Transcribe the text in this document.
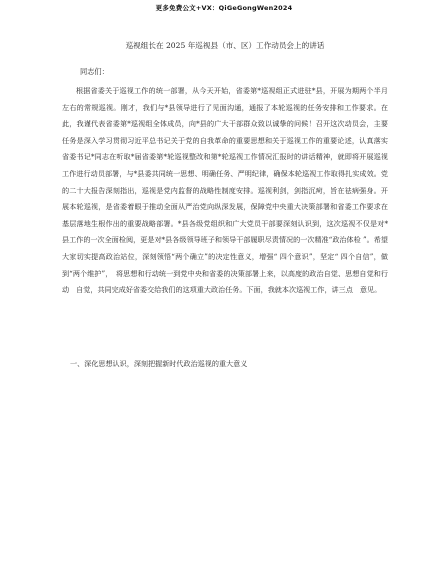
更多免费公文+VX：QiGeGongWen2024
巡视组长在 2025 年巡视县（市、区）工作动员会上的讲话
同志们：

根据省委关于巡视工作的统一部署，从今天开始，省委第*巡视组正式进驻*县，开展为期两个半月左右的常规巡视。刚才，我们与*县领导进行了见面沟通，通报了本轮巡视的任务安排和工作要求。在此，我谨代表省委第*巡视组全体成员，向*县的广大干部群众致以诚挚的问候！召开这次动员会，主要任务是深入学习贯彻习近平总书记关于党的自我革命的重要思想和关于巡视工作的重要论述，认真落实省委书记*同志在听取*届省委第*轮巡视整改和第*轮巡视工作情况汇报时的讲话精神，就即将开展巡视工作进行动员部署，与*县委共同统一思想、明确任务、严明纪律，确保本轮巡视工作取得扎实成效。党的二十大报告深刻指出，巡视是党内监督的战略性制度安排。巡视利剑，剑指沉疴，旨在祛病强身。开展本轮巡视，是省委着眼于推动全面从严治党向纵深发展，保障党中央重大决策部署和省委工作要求在基层落地生根作出的重要战略部署。*县各级党组织和广大党员干部要深刻认识到，这次巡视不仅是对*县工作的一次全面检阅，更是对*县各级领导班子和领导干部履职尽责情况的一次精准“政治体检 ”。希望大家切实提高政治站位，深刻领悟“两个确立”的决定性意义，增强“ 四个意识”，坚定“ 四个自信”，做到“两个维护”，　将思想和行动统一到党中央和省委的决策部署上来，以高度的政治自觉、思想自觉和行动　自觉，共同完成好省委交给我们的这项重大政治任务。下面，我就本次巡视工作，讲三点　意见。

一、深化思想认识，深刻把握新时代政治巡视的重大意义
